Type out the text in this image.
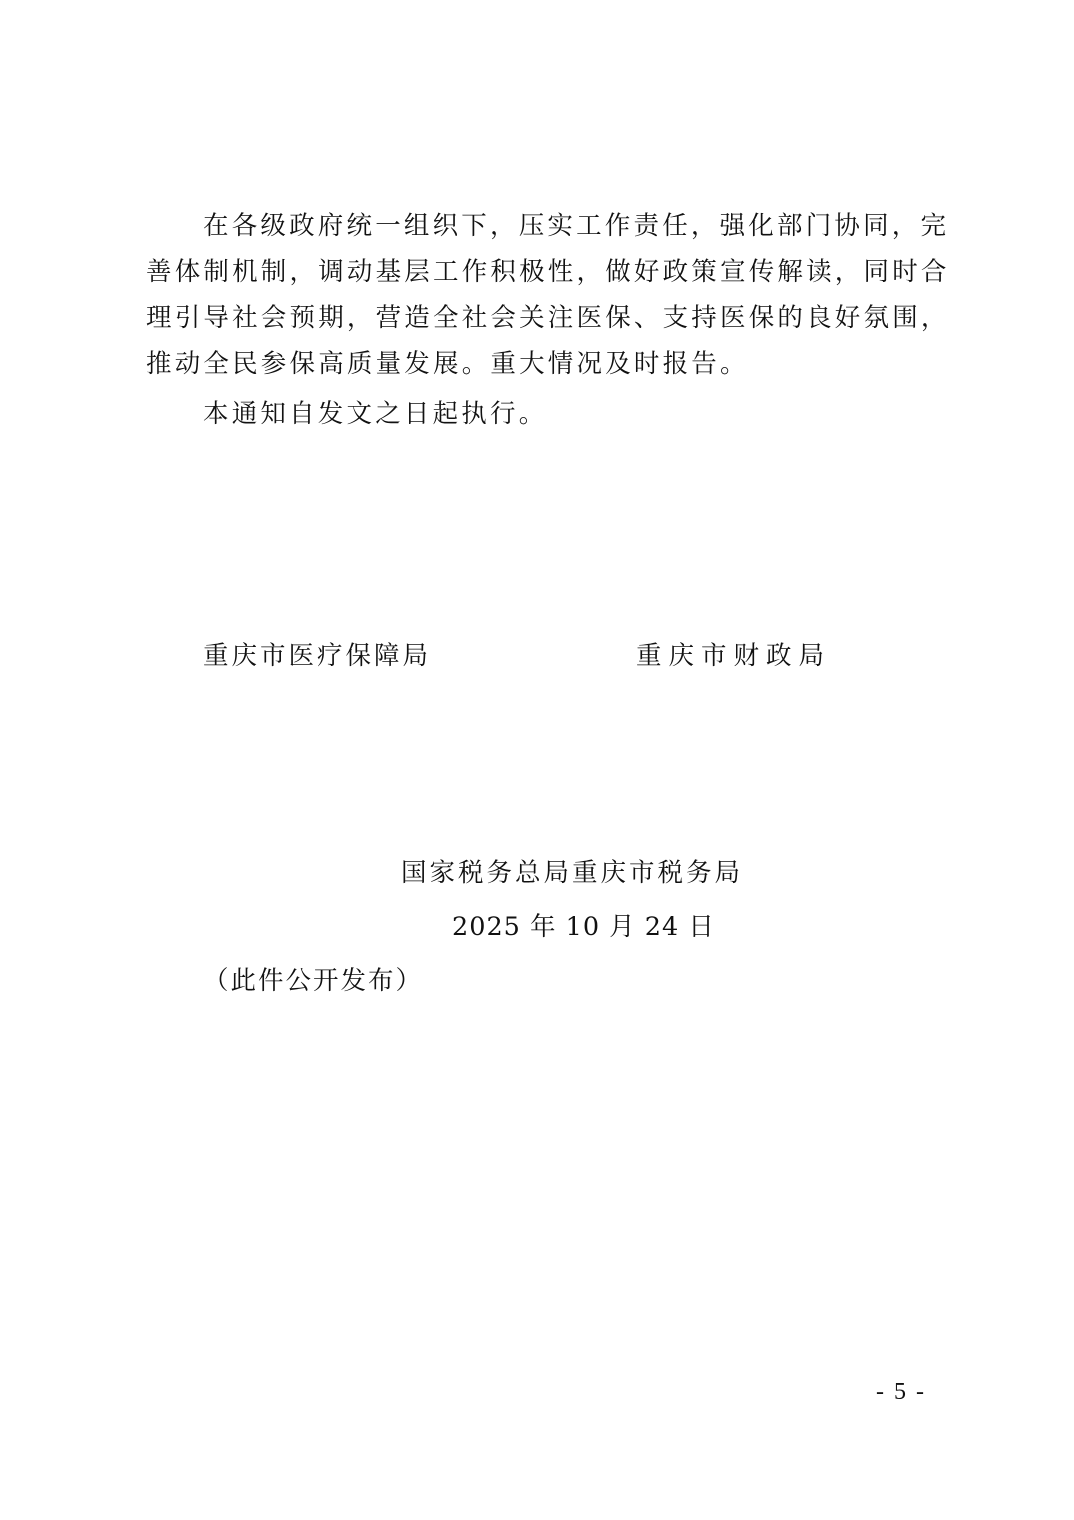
在各级政府统一组织下，压实工作责任，强化部门协同，完
善体制机制，调动基层工作积极性，做好政策宣传解读，同时合
理引导社会预期，营造全社会关注医保、支持医保的良好氛围，
推动全民参保高质量发展。重大情况及时报告。
本通知自发文之日起执行。
重庆市医疗保障局	重庆市财政局
国家税务总局重庆市税务局
2025 年 10 月 24 日
（此件公开发布）
- 5 -
